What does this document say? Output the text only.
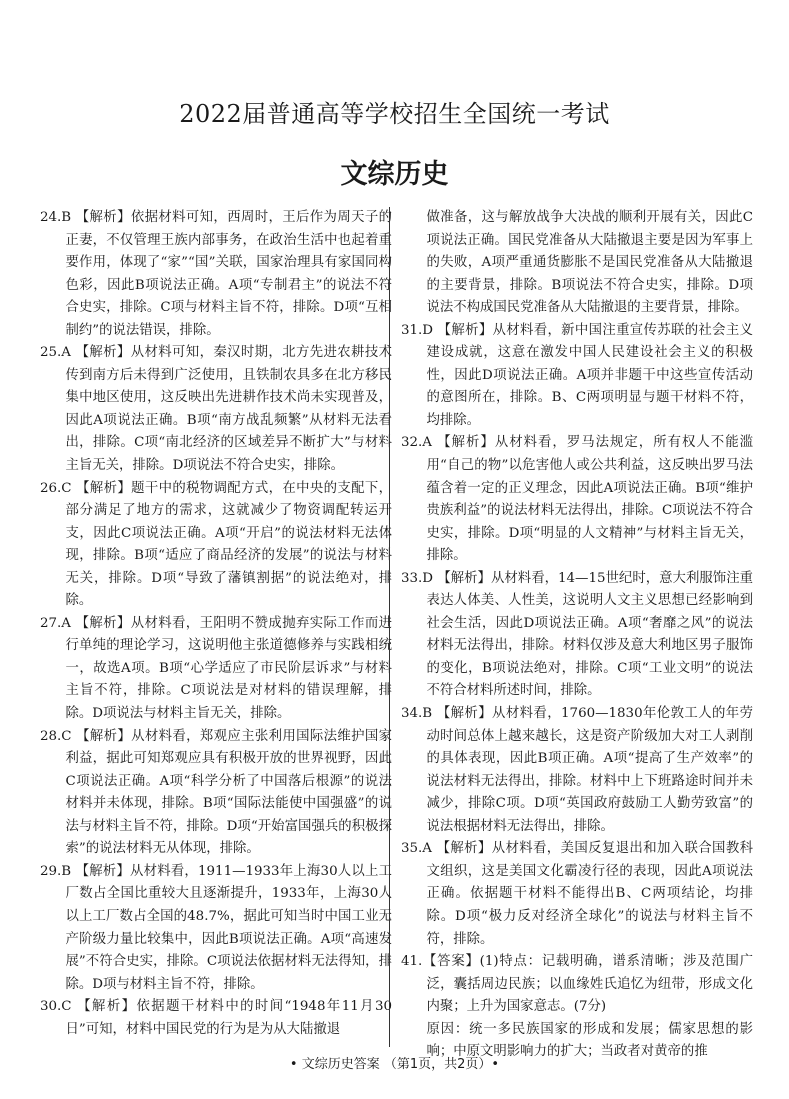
2022届普通高等学校招生全国统一考试
文综历史

24.B 【解析】依据材料可知，西周时，王后作为周天子的正妻，不仅管理王族内部事务，在政治生活中也起着重要作用，体现了“家”“国”关联，国家治理具有家国同构色彩，因此B项说法正确。A项“专制君主”的说法不符合史实，排除。C项与材料主旨不符，排除。D项“互相制约”的说法错误，排除。

25.A 【解析】从材料可知，秦汉时期，北方先进农耕技术传到南方后未得到广泛使用，且铁制农具多在北方移民集中地区使用，这反映出先进耕作技术尚未实现普及，因此A项说法正确。B项“南方战乱频繁”从材料无法看出，排除。C项“南北经济的区域差异不断扩大”与材料主旨无关，排除。D项说法不符合史实，排除。

26.C 【解析】题干中的税物调配方式，在中央的支配下，部分满足了地方的需求，这就减少了物资调配转运开支，因此C项说法正确。A项“开启”的说法材料无法体现，排除。B项“适应了商品经济的发展”的说法与材料无关，排除。D项“导致了藩镇割据”的说法绝对，排除。

27.A 【解析】从材料看，王阳明不赞成抛弃实际工作而进行单纯的理论学习，这说明他主张道德修养与实践相统一，故选A项。B项“心学适应了市民阶层诉求”与材料主旨不符，排除。C项说法是对材料的错误理解，排除。D项说法与材料主旨无关，排除。

28.C 【解析】从材料看，郑观应主张利用国际法维护国家利益，据此可知郑观应具有积极开放的世界视野，因此C项说法正确。A项“科学分析了中国落后根源”的说法材料并未体现，排除。B项“国际法能使中国强盛”的说法与材料主旨不符，排除。D项“开始富国强兵的积极探索”的说法材料无从体现，排除。

29.B 【解析】从材料看，1911—1933年上海30人以上工厂数占全国比重较大且逐渐提升，1933年，上海30人以上工厂数占全国的48.7%，据此可知当时中国工业无产阶级力量比较集中，因此B项说法正确。A项“高速发展”不符合史实，排除。C项说法依据材料无法得知，排除。D项与材料主旨不符，排除。

30.C 【解析】依据题干材料中的时间“1948年11月30日”可知，材料中国民党的行为是为从大陆撤退

做准备，这与解放战争大决战的顺利开展有关，因此C项说法正确。国民党准备从大陆撤退主要是因为军事上的失败，A项严重通货膨胀不是国民党准备从大陆撤退的主要背景，排除。B项说法不符合史实，排除。D项说法不构成国民党准备从大陆撤退的主要背景，排除。

31.D 【解析】从材料看，新中国注重宣传苏联的社会主义建设成就，这意在激发中国人民建设社会主义的积极性，因此D项说法正确。A项并非题干中这些宣传活动的意图所在，排除。B、C两项明显与题干材料不符，均排除。

32.A 【解析】从材料看，罗马法规定，所有权人不能滥用“自己的物”以危害他人或公共利益，这反映出罗马法蕴含着一定的正义理念，因此A项说法正确。B项“维护贵族利益”的说法材料无法得出，排除。C项说法不符合史实，排除。D项“明显的人文精神”与材料主旨无关，排除。

33.D 【解析】从材料看，14—15世纪时，意大利服饰注重表达人体美、人性美，这说明人文主义思想已经影响到社会生活，因此D项说法正确。A项“奢靡之风”的说法材料无法得出，排除。材料仅涉及意大利地区男子服饰的变化，B项说法绝对，排除。C项“工业文明”的说法不符合材料所述时间，排除。

34.B 【解析】从材料看，1760—1830年伦敦工人的年劳动时间总体上越来越长，这是资产阶级加大对工人剥削的具体表现，因此B项正确。A项“提高了生产效率”的说法材料无法得出，排除。材料中上下班路途时间并未减少，排除C项。D项“英国政府鼓励工人勤劳致富”的说法根据材料无法得出，排除。

35.A 【解析】从材料看，美国反复退出和加入联合国教科文组织，这是美国文化霸凌行径的表现，因此A项说法正确。依据题干材料不能得出B、C两项结论，均排除。D项“极力反对经济全球化”的说法与材料主旨不符，排除。

41.【答案】(1)特点：记载明确，谱系清晰；涉及范围广泛，囊括周边民族；以血缘姓氏追忆为纽带，形成文化内聚；上升为国家意志。(7分)

原因：统一多民族国家的形成和发展；儒家思想的影响；中原文明影响力的扩大；当政者对黄帝的推

• 文综历史答案 （第1页，共2页）•
